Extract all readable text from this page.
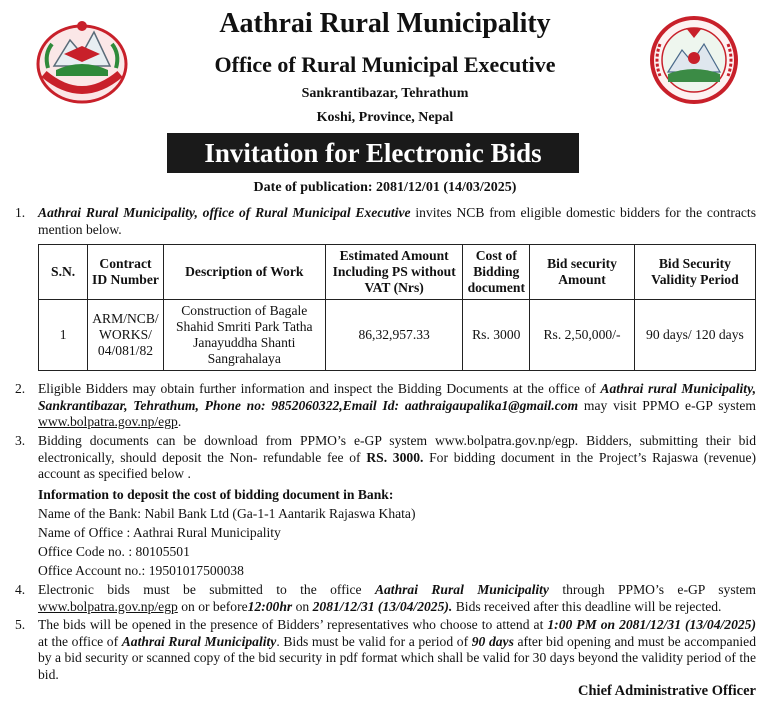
Aathrai Rural Municipality
Office of Rural Municipal Executive
Sankrantibazar, Tehrathum
Koshi, Province, Nepal
Invitation for Electronic Bids
Date of publication: 2081/12/01 (14/03/2025)
1. Aathrai Rural Municipality, office of Rural Municipal Executive invites NCB from eligible domestic bidders for the contracts mention below.
S.N.	Contract ID Number	Description of Work	Estimated Amount Including PS without VAT (Nrs)	Cost of Bidding document	Bid security Amount	Bid Security Validity Period
1	ARM/NCB/ WORKS/ 04/081/82	Construction of Bagale Shahid Smriti Park Tatha Janayuddha Shanti Sangrahalaya	86,32,957.33	Rs. 3000	Rs. 2,50,000/-	90 days/ 120 days
2. Eligible Bidders may obtain further information and inspect the Bidding Documents at the office of Aathrai rural Municipality, Sankrantibazar, Tehrathum, Phone no: 9852060322,Email Id: aathraigaupalika1@gmail.com may visit PPMO e-GP system www.bolpatra.gov.np/egp.
3. Bidding documents can be download from PPMO’s e-GP system www.bolpatra.gov.np/egp. Bidders, submitting their bid electronically, should deposit the Non- refundable fee of RS. 3000. For bidding document in the Project’s Rajaswa (revenue) account as specified below .
Information to deposit the cost of bidding document in Bank:
Name of the Bank: Nabil Bank Ltd (Ga-1-1 Aantarik Rajaswa Khata)
Name of Office : Aathrai Rural Municipality
Office Code no. : 80105501
Office Account no.: 19501017500038
4. Electronic bids must be submitted to the office Aathrai Rural Municipality through PPMO’s e-GP system www.bolpatra.gov.np/egp on or before12:00hr on 2081/12/31 (13/04/2025). Bids received after this deadline will be rejected.
5. The bids will be opened in the presence of Bidders’ representatives who choose to attend at 1:00 PM on 2081/12/31 (13/04/2025) at the office of Aathrai Rural Municipality. Bids must be valid for a period of 90 days after bid opening and must be accompanied by a bid security or scanned copy of the bid security in pdf format which shall be valid for 30 days beyond the validity period of the bid.
Chief Administrative Officer
